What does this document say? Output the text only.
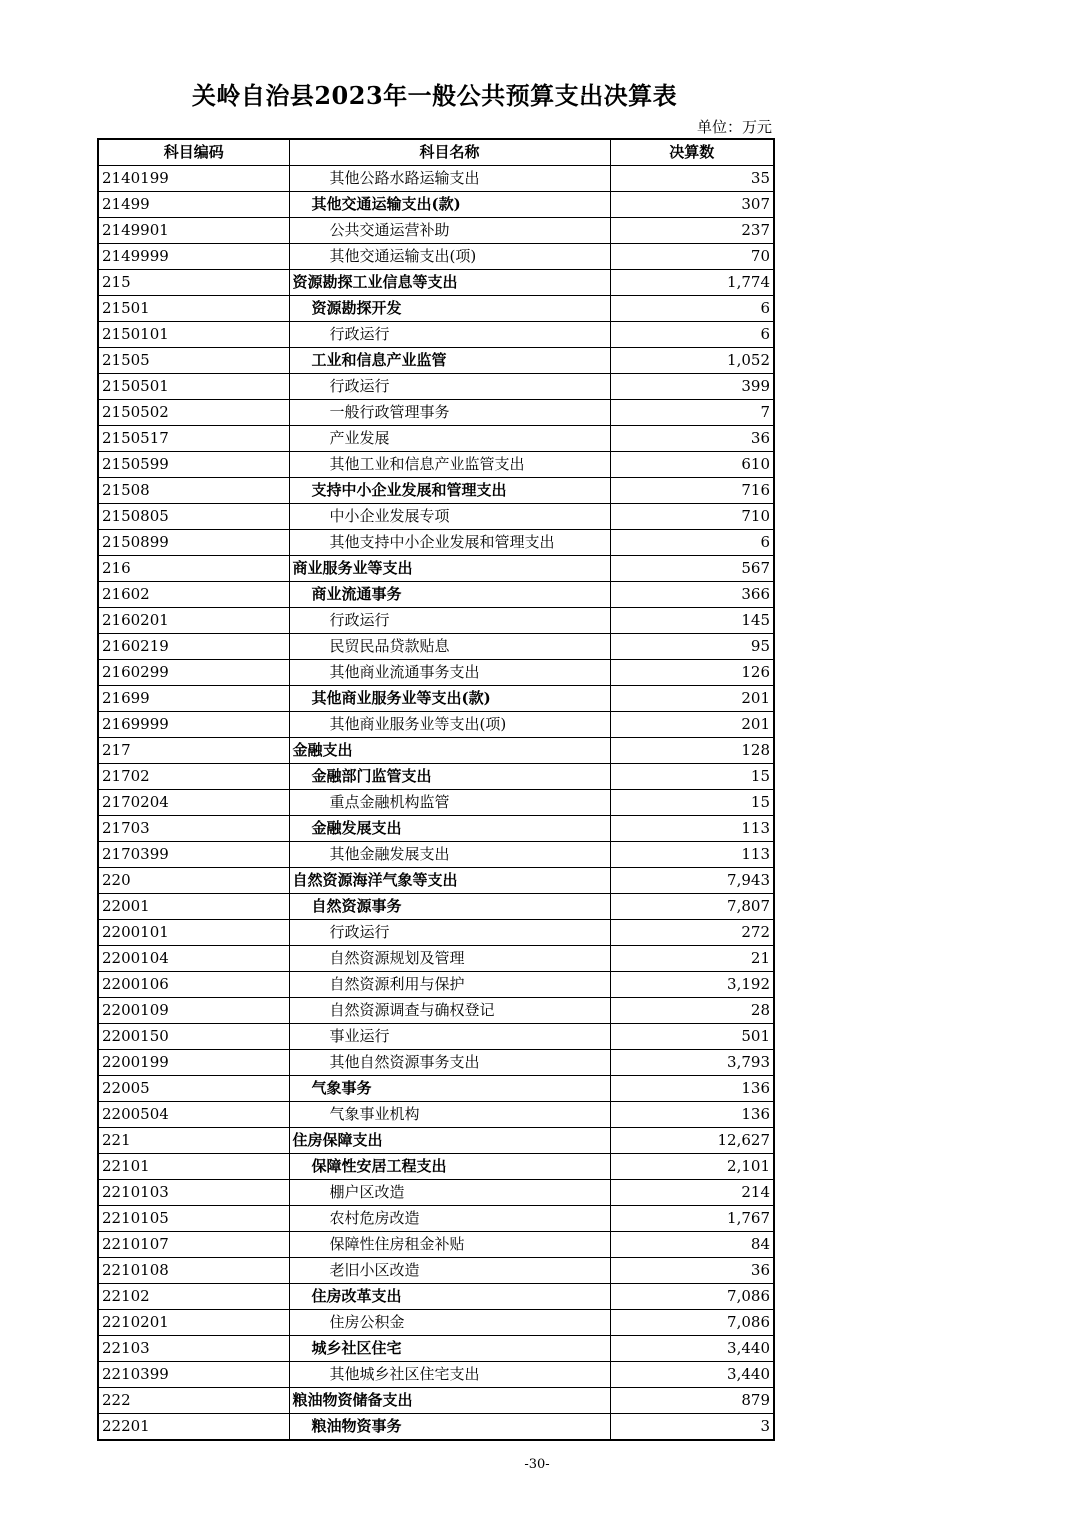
关岭自治县2023年一般公共预算支出决算表
单位：万元
科目编码	科目名称	决算数
2140199	其他公路水路运输支出	35
21499	其他交通运输支出(款)	307
2149901	公共交通运营补助	237
2149999	其他交通运输支出(项)	70
215	资源勘探工业信息等支出	1,774
21501	资源勘探开发	6
2150101	行政运行	6
21505	工业和信息产业监管	1,052
2150501	行政运行	399
2150502	一般行政管理事务	7
2150517	产业发展	36
2150599	其他工业和信息产业监管支出	610
21508	支持中小企业发展和管理支出	716
2150805	中小企业发展专项	710
2150899	其他支持中小企业发展和管理支出	6
216	商业服务业等支出	567
21602	商业流通事务	366
2160201	行政运行	145
2160219	民贸民品贷款贴息	95
2160299	其他商业流通事务支出	126
21699	其他商业服务业等支出(款)	201
2169999	其他商业服务业等支出(项)	201
217	金融支出	128
21702	金融部门监管支出	15
2170204	重点金融机构监管	15
21703	金融发展支出	113
2170399	其他金融发展支出	113
220	自然资源海洋气象等支出	7,943
22001	自然资源事务	7,807
2200101	行政运行	272
2200104	自然资源规划及管理	21
2200106	自然资源利用与保护	3,192
2200109	自然资源调查与确权登记	28
2200150	事业运行	501
2200199	其他自然资源事务支出	3,793
22005	气象事务	136
2200504	气象事业机构	136
221	住房保障支出	12,627
22101	保障性安居工程支出	2,101
2210103	棚户区改造	214
2210105	农村危房改造	1,767
2210107	保障性住房租金补贴	84
2210108	老旧小区改造	36
22102	住房改革支出	7,086
2210201	住房公积金	7,086
22103	城乡社区住宅	3,440
2210399	其他城乡社区住宅支出	3,440
222	粮油物资储备支出	879
22201	粮油物资事务	3
-30-
